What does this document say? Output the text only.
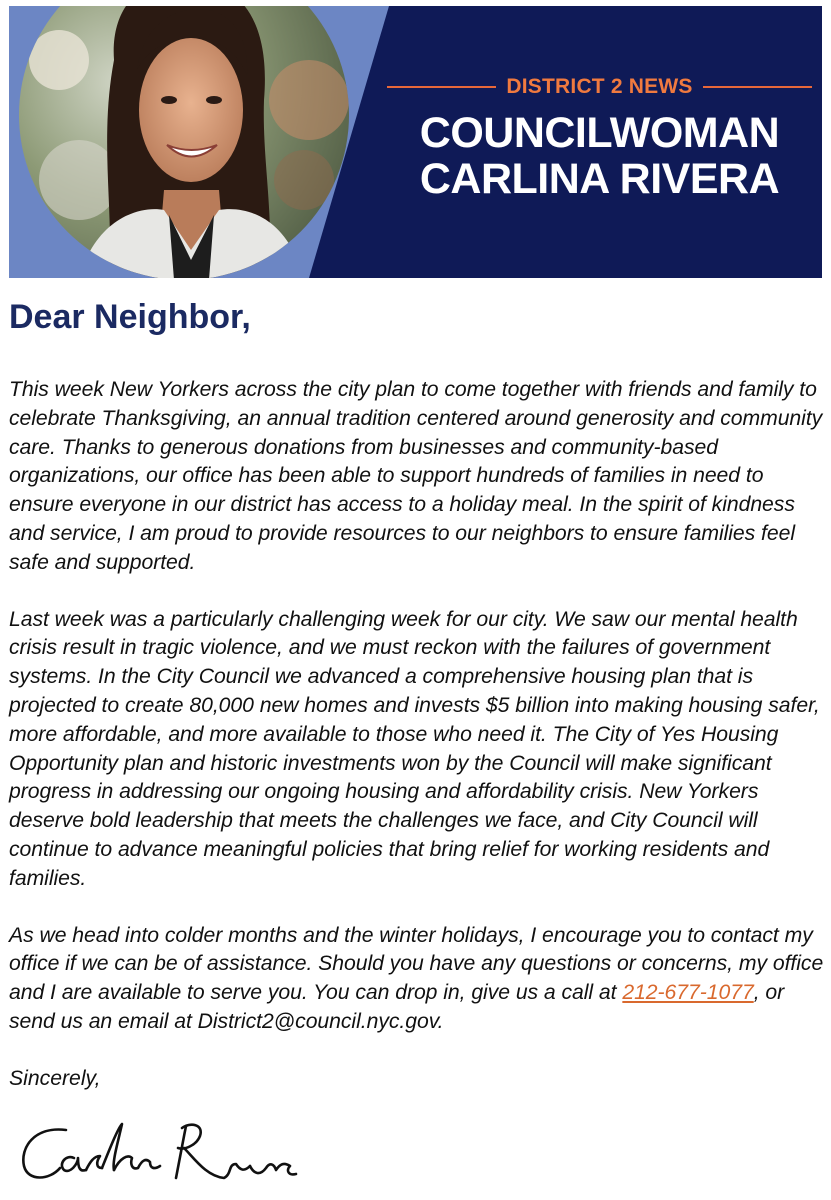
DISTRICT 2 NEWS
COUNCILWOMAN
CARLINA RIVERA
Dear Neighbor,

This week New Yorkers across the city plan to come together with friends and family to celebrate Thanksgiving, an annual tradition centered around generosity and community care. Thanks to generous donations from businesses and community-based organizations, our office has been able to support hundreds of families in need to ensure everyone in our district has access to a holiday meal. In the spirit of kindness and service, I am proud to provide resources to our neighbors to ensure families feel safe and supported.

Last week was a particularly challenging week for our city. We saw our mental health crisis result in tragic violence, and we must reckon with the failures of government systems. In the City Council we advanced a comprehensive housing plan that is projected to create 80,000 new homes and invests $5 billion into making housing safer, more affordable, and more available to those who need it. The City of Yes Housing Opportunity plan and historic investments won by the Council will make significant progress in addressing our ongoing housing and affordability crisis. New Yorkers deserve bold leadership that meets the challenges we face, and City Council will continue to advance meaningful policies that bring relief for working residents and families.

As we head into colder months and the winter holidays, I encourage you to contact my office if we can be of assistance. Should you have any questions or concerns, my office and I are available to serve you. You can drop in, give us a call at 212-677-1077, or send us an email at District2@council.nyc.gov.

Sincerely,
